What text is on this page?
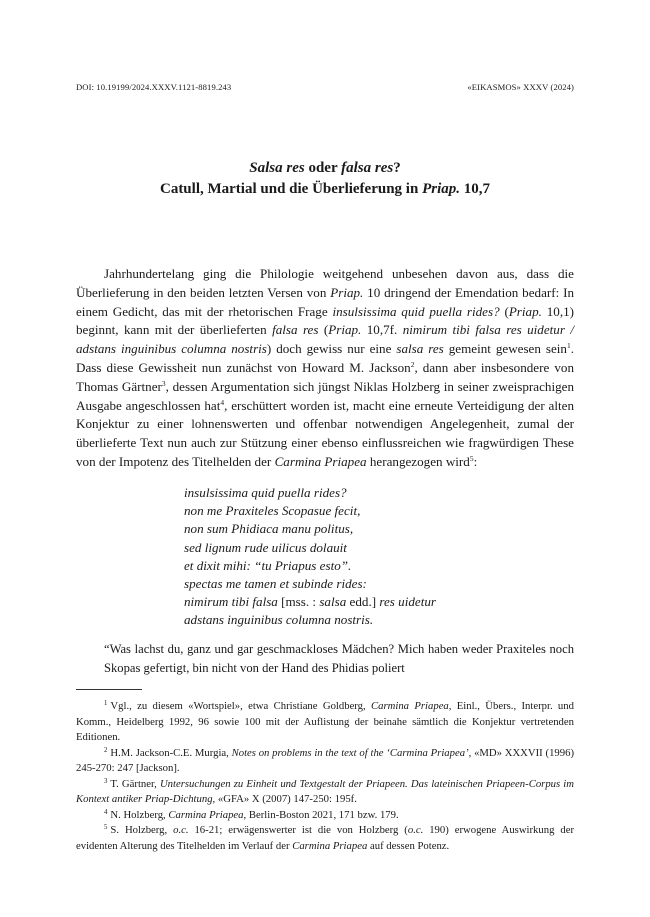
DOI: 10.19199/2024.XXXV.1121-8819.243	«EIKASMOS» XXXV (2024)
Salsa res oder falsa res?
Catull, Martial und die Überlieferung in Priap. 10,7

Jahrhundertelang ging die Philologie weitgehend unbesehen davon aus, dass die Überlieferung in den beiden letzten Versen von Priap. 10 dringend der Emendation bedarf: In einem Gedicht, das mit der rhetorischen Frage insulsissima quid puella rides? (Priap. 10,1) beginnt, kann mit der überlieferten falsa res (Priap. 10,7f. nimirum tibi falsa res uidetur / adstans inguinibus columna nostris) doch gewiss nur eine salsa res gemeint gewesen sein$^1$. Dass diese Gewissheit nun zunächst von Howard M. Jackson$^2$, dann aber insbesondere von Thomas Gärtner$^3$, dessen Argumentation sich jüngst Niklas Holzberg in seiner zweisprachigen Ausgabe angeschlossen hat$^4$, erschüttert worden ist, macht eine erneute Verteidigung der alten Konjektur zu einer lohnenswerten und offenbar notwendigen Angelegenheit, zumal der überlieferte Text nun auch zur Stützung einer ebenso einflussreichen wie fragwürdigen These von der Impotenz des Titelhelden der Carmina Priapea herangezogen wird$^5$:

insulsissima quid puella rides?
non me Praxiteles Scopasue fecit,
non sum Phidiaca manu politus,
sed lignum rude uilicus dolauit
et dixit mihi: “tu Priapus esto”.
spectas me tamen et subinde rides:
nimirum tibi falsa [mss. : salsa edd.] res uidetur
adstans inguinibus columna nostris.

“Was lachst du, ganz und gar geschmackloses Mädchen? Mich haben weder Praxiteles noch Skopas gefertigt, bin nicht von der Hand des Phidias poliert

$^1$ Vgl., zu diesem «Wortspiel», etwa Christiane Goldberg, Carmina Priapea, Einl., Übers., Interpr. und Komm., Heidelberg 1992, 96 sowie 100 mit der Auflistung der beinahe sämtlich die Konjektur vertretenden Editionen.

$^2$ H.M. Jackson-C.E. Murgia, Notes on problems in the text of the ‘Carmina Priapea’, «MD» XXXVII (1996) 245-270: 247 [Jackson].

$^3$ T. Gärtner, Untersuchungen zu Einheit und Textgestalt der Priapeen. Das lateinischen Priapeen-Corpus im Kontext antiker Priap-Dichtung, «GFA» X (2007) 147-250: 195f.

$^4$ N. Holzberg, Carmina Priapea, Berlin-Boston 2021, 171 bzw. 179.

$^5$ S. Holzberg, o.c. 16-21; erwägenswerter ist die von Holzberg (o.c. 190) erwogene Auswirkung der evidenten Alterung des Titelhelden im Verlauf der Carmina Priapea auf dessen Potenz.
